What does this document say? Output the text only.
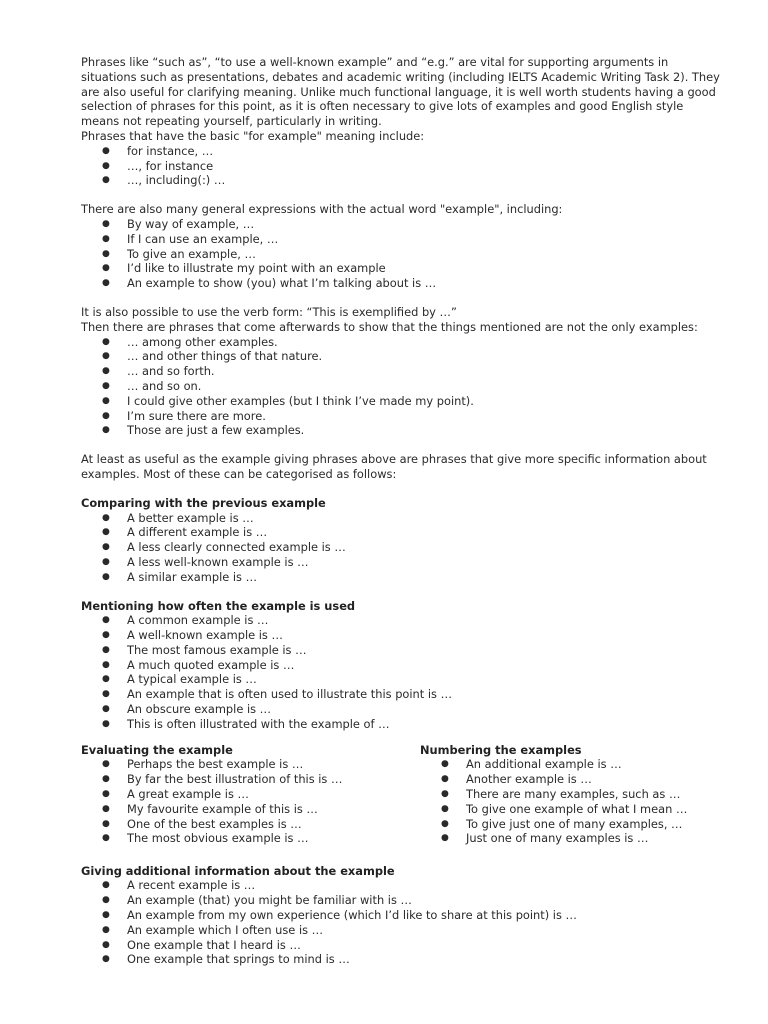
Phrases like “such as”, “to use a well-known example” and “e.g.” are vital for supporting arguments in situations such as presentations, debates and academic writing (including IELTS Academic Writing Task 2). They are also useful for clarifying meaning. Unlike much functional language, it is well worth students having a good selection of phrases for this point, as it is often necessary to give lots of examples and good English style means not repeating yourself, particularly in writing.

Phrases that have the basic "for example" meaning include:

● for instance, …
● …, for instance
● …, including(:) …

There are also many general expressions with the actual word "example", including:

● By way of example, …
● If I can use an example, …
● To give an example, …
● I’d like to illustrate my point with an example
● An example to show (you) what I’m talking about is …

It is also possible to use the verb form: “This is exemplified by …”

Then there are phrases that come afterwards to show that the things mentioned are not the only examples:

● … among other examples.
● … and other things of that nature.
● … and so forth.
● … and so on.
● I could give other examples (but I think I’ve made my point).
● I’m sure there are more.
● Those are just a few examples.

At least as useful as the example giving phrases above are phrases that give more specific information about examples. Most of these can be categorised as follows:

Comparing with the previous example
● A better example is …
● A different example is …
● A less clearly connected example is …
● A less well-known example is …
● A similar example is …
Mentioning how often the example is used
● A common example is …
● A well-known example is …
● The most famous example is …
● A much quoted example is …
● A typical example is …
● An example that is often used to illustrate this point is …
● An obscure example is …
● This is often illustrated with the example of …
Evaluating the example
● Perhaps the best example is …
● By far the best illustration of this is …
● A great example is …
● My favourite example of this is …
● One of the best examples is …
● The most obvious example is …
Numbering the examples
● An additional example is …
● Another example is …
● There are many examples, such as …
● To give one example of what I mean …
● To give just one of many examples, …
● Just one of many examples is …
Giving additional information about the example
● A recent example is …
● An example (that) you might be familiar with is …
● An example from my own experience (which I’d like to share at this point) is …
● An example which I often use is …
● One example that I heard is …
● One example that springs to mind is …
